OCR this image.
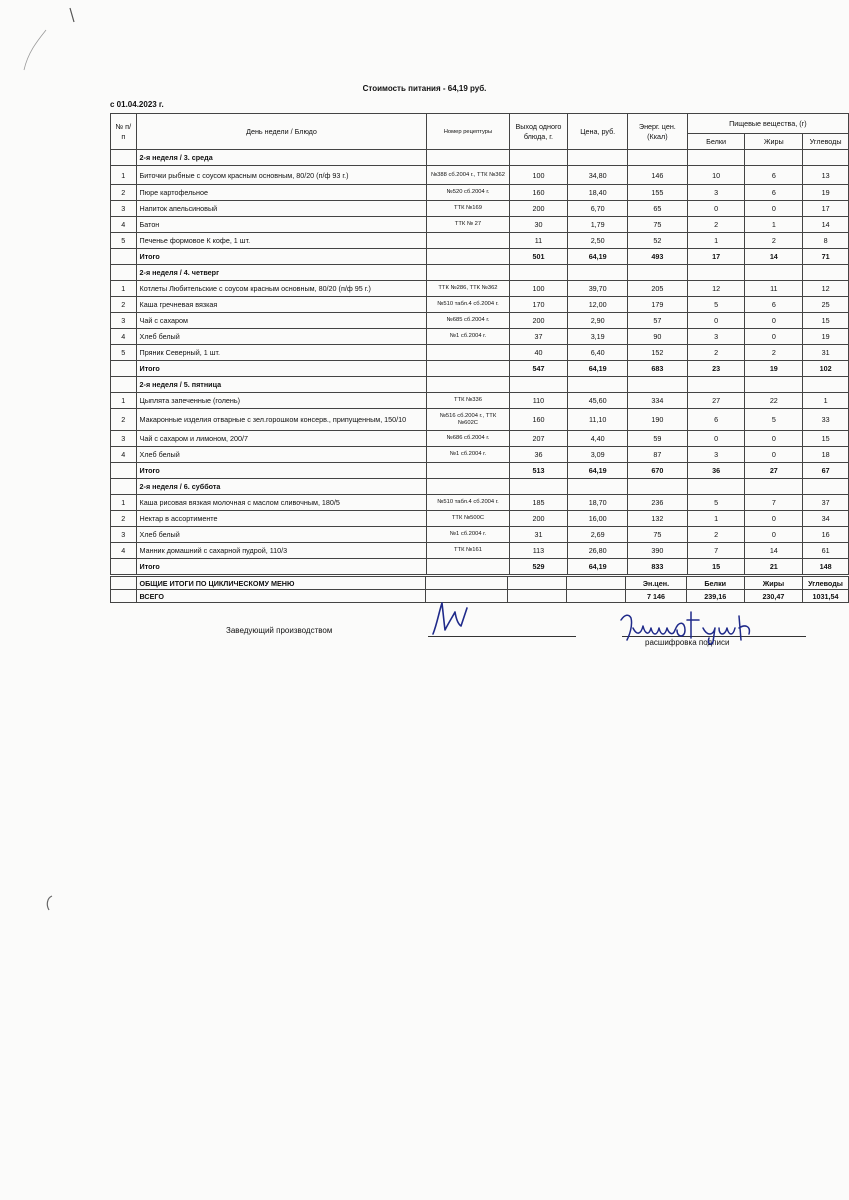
Стоимость питания - 64,19 руб.
с 01.04.2023 г.
№ п/п	День недели / Блюдо	Номер рецептуры	Выход одного блюда, г.	Цена, руб.	Энерг. цен. (Ккал)	Пищевые вещества, (г)		
						Белки	Жиры	Углеводы
	2-я неделя / 3. среда							
1	Биточки рыбные с соусом красным основным, 80/20 (п/ф 93 г.)	№388 сб.2004 г., ТТК №362	100	34,80	146	10	6	13
2	Пюре картофельное	№520 сб.2004 г.	160	18,40	155	3	6	19
3	Напиток апельсиновый	ТТК №169	200	6,70	65	0	0	17
4	Батон	ТТК № 27	30	1,79	75	2	1	14
5	Печенье формовое К кофе, 1 шт.		11	2,50	52	1	2	8
	Итого		501	64,19	493	17	14	71
	2-я неделя / 4. четверг							
1	Котлеты Любительские с соусом красным основным, 80/20 (п/ф 95 г.)	ТТК №286, ТТК №362	100	39,70	205	12	11	12
2	Каша гречневая вязкая	№510 табл.4 сб.2004 г.	170	12,00	179	5	6	25
3	Чай с сахаром	№685 сб.2004 г.	200	2,90	57	0	0	15
4	Хлеб белый	№1 сб.2004 г.	37	3,19	90	3	0	19
5	Пряник Северный, 1 шт.		40	6,40	152	2	2	31
	Итого		547	64,19	683	23	19	102
	2-я неделя / 5. пятница							
1	Цыплята запеченные (голень)	ТТК №336	110	45,60	334	27	22	1
2	Макаронные изделия отварные с зел.горошком консерв., припущенным, 150/10	№516 сб.2004 г., ТТК №602С	160	11,10	190	6	5	33
3	Чай с сахаром и лимоном, 200/7	№686 сб.2004 г.	207	4,40	59	0	0	15
4	Хлеб белый	№1 сб.2004 г.	36	3,09	87	3	0	18
	Итого		513	64,19	670	36	27	67
	2-я неделя / 6. суббота							
1	Каша рисовая вязкая молочная с маслом сливочным, 180/5	№510 табл.4 сб.2004 г.	185	18,70	236	5	7	37
2	Нектар в ассортименте	ТТК №500С	200	16,00	132	1	0	34
3	Хлеб белый	№1 сб.2004 г.	31	2,69	75	2	0	16
4	Манник домашний с сахарной пудрой, 110/3	ТТК №161	113	26,80	390	7	14	61
	Итого		529	64,19	833	15	21	148
	ОБЩИЕ ИТОГИ ПО ЦИКЛИЧЕСКОМУ МЕНЮ				Эн.цен.	Белки	Жиры	Углеводы
	ВСЕГО				7 146	239,16	230,47	1031,54
Заведующий производством
расшифровка подписи
